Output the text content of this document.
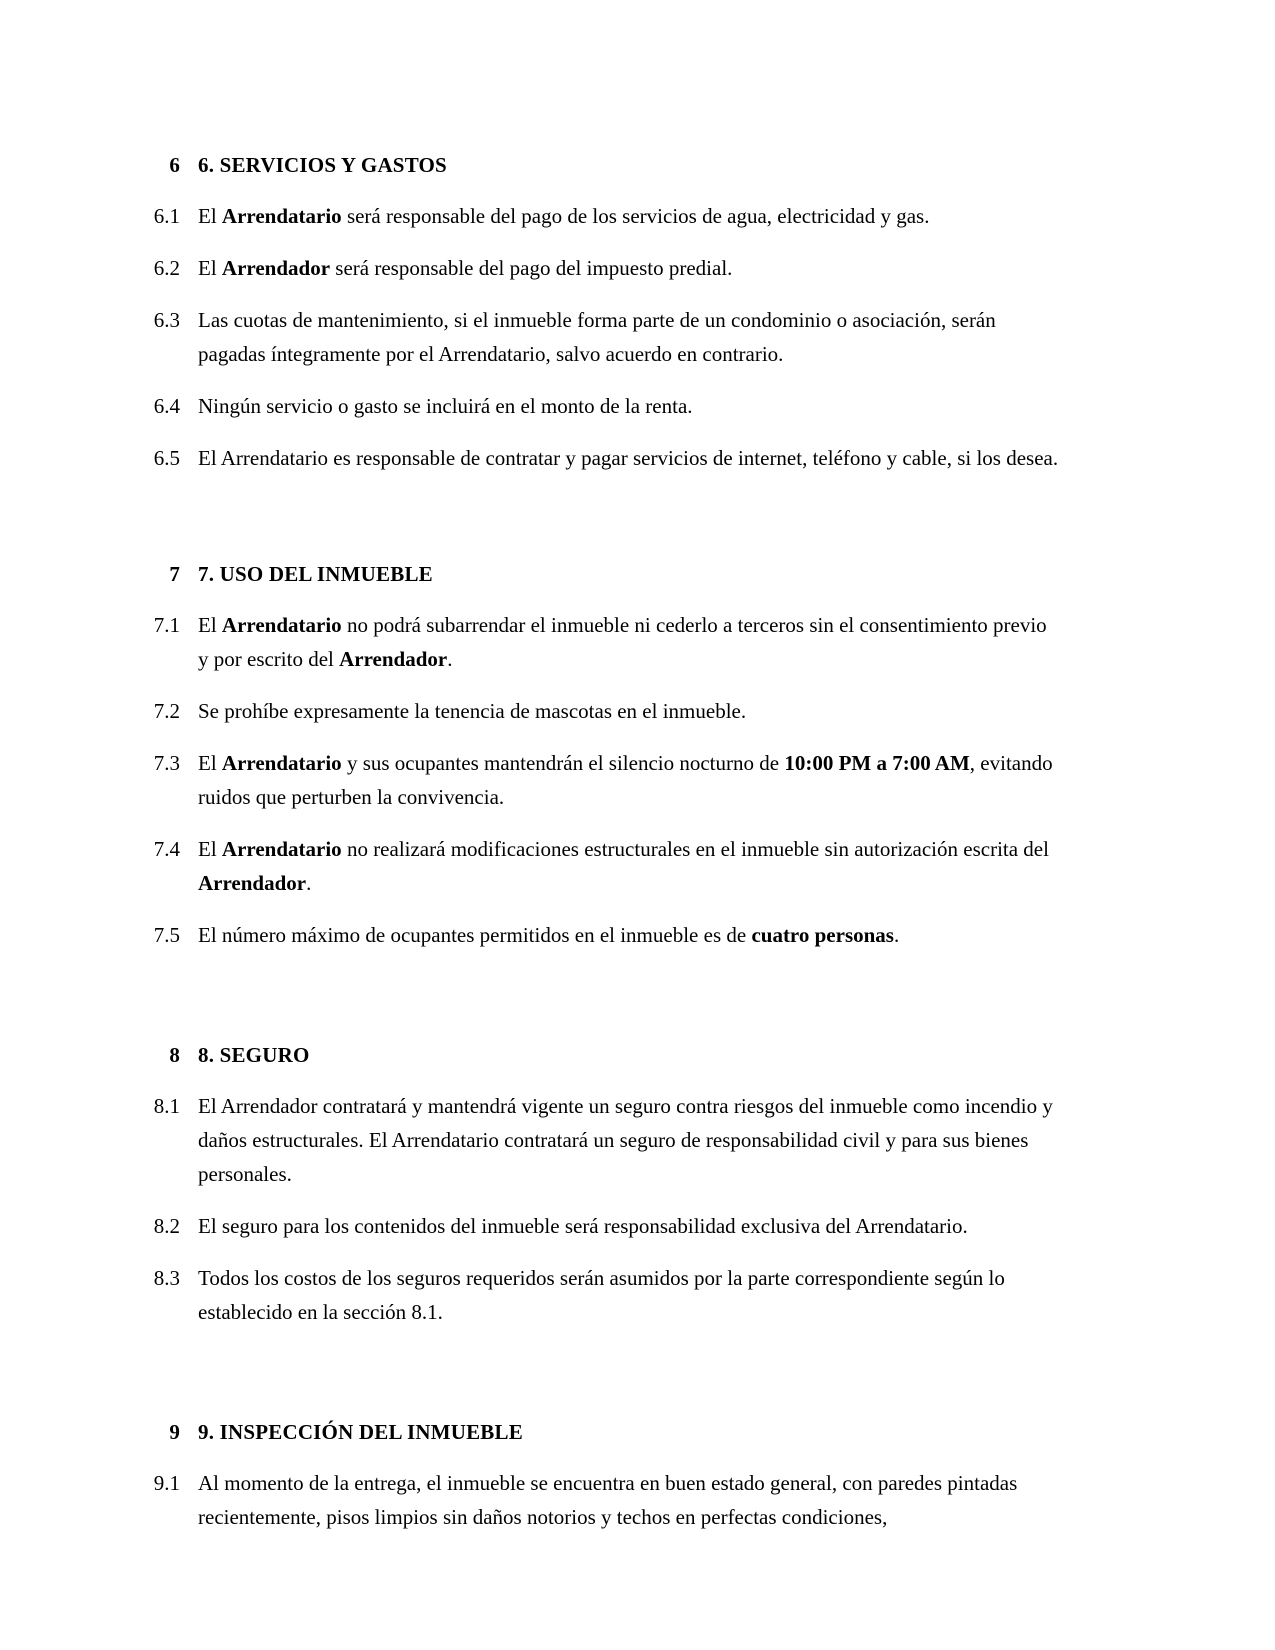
6 6. SERVICIOS Y GASTOS
6.1 El Arrendatario será responsable del pago de los servicios de agua, electricidad y gas.
6.2 El Arrendador será responsable del pago del impuesto predial.
6.3 Las cuotas de mantenimiento, si el inmueble forma parte de un condominio o asociación, serán pagadas íntegramente por el Arrendatario, salvo acuerdo en contrario.
6.4 Ningún servicio o gasto se incluirá en el monto de la renta.
6.5 El Arrendatario es responsable de contratar y pagar servicios de internet, teléfono y cable, si los desea.
7 7. USO DEL INMUEBLE
7.1 El Arrendatario no podrá subarrendar el inmueble ni cederlo a terceros sin el consentimiento previo y por escrito del Arrendador.
7.2 Se prohíbe expresamente la tenencia de mascotas en el inmueble.
7.3 El Arrendatario y sus ocupantes mantendrán el silencio nocturno de 10:00 PM a 7:00 AM, evitando ruidos que perturben la convivencia.
7.4 El Arrendatario no realizará modificaciones estructurales en el inmueble sin autorización escrita del Arrendador.
7.5 El número máximo de ocupantes permitidos en el inmueble es de cuatro personas.
8 8. SEGURO
8.1 El Arrendador contratará y mantendrá vigente un seguro contra riesgos del inmueble como incendio y daños estructurales. El Arrendatario contratará un seguro de responsabilidad civil y para sus bienes personales.
8.2 El seguro para los contenidos del inmueble será responsabilidad exclusiva del Arrendatario.
8.3 Todos los costos de los seguros requeridos serán asumidos por la parte correspondiente según lo establecido en la sección 8.1.
9 9. INSPECCIÓN DEL INMUEBLE
9.1 Al momento de la entrega, el inmueble se encuentra en buen estado general, con paredes pintadas recientemente, pisos limpios sin daños notorios y techos en perfectas condiciones,
